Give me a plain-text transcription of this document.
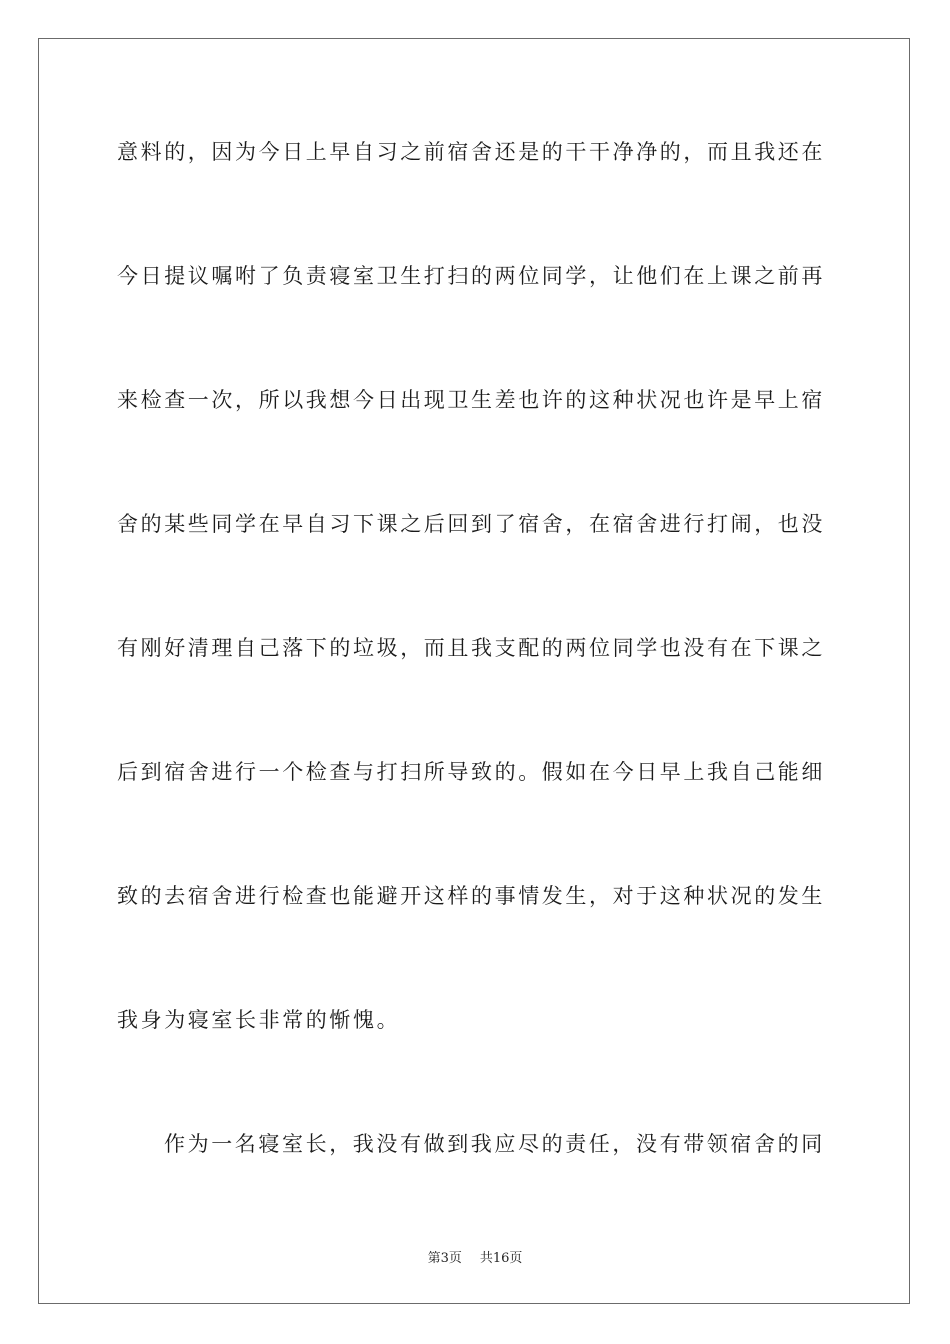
意料的，因为今日上早自习之前宿舍还是的干干净净的，而且我还在
今日提议嘱咐了负责寝室卫生打扫的两位同学，让他们在上课之前再
来检查一次，所以我想今日出现卫生差也许的这种状况也许是早上宿
舍的某些同学在早自习下课之后回到了宿舍，在宿舍进行打闹，也没
有刚好清理自己落下的垃圾，而且我支配的两位同学也没有在下课之
后到宿舍进行一个检查与打扫所导致的。假如在今日早上我自己能细
致的去宿舍进行检查也能避开这样的事情发生，对于这种状况的发生
我身为寝室长非常的惭愧。
作为一名寝室长，我没有做到我应尽的责任，没有带领宿舍的同
第3页 共16页
